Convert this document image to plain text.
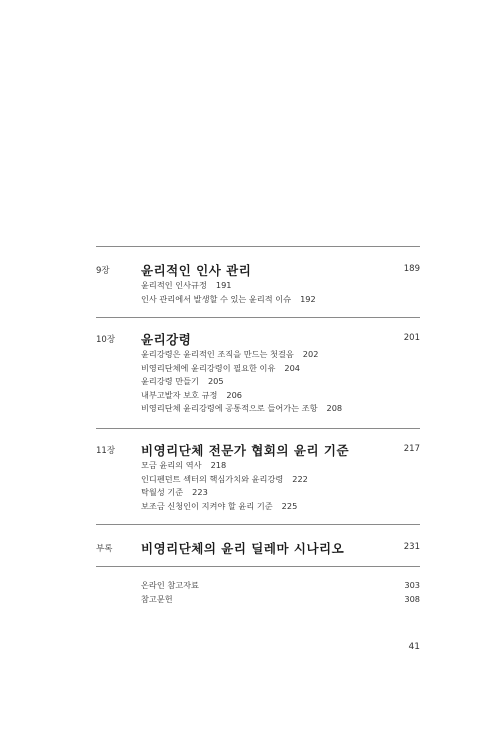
9장	윤리적인 인사 관리	189
윤리적인 인사규정 191
인사 관리에서 발생할 수 있는 윤리적 이슈 192
10장 윤리강령	201
윤리강령은 윤리적인 조직을 만드는 첫걸음 202
비영리단체에 윤리강령이 필요한 이유 204
윤리강령 만들기 205
내부고발자 보호 규정 206
비영리단체 윤리강령에 공통적으로 들어가는 조항 208
11장 비영리단체 전문가 협회의 윤리 기준	217
모금 윤리의 역사 218
인디펜던트 섹터의 핵심가치와 윤리강령 222
탁월성 기준 223
보조금 신청인이 지켜야 할 윤리 기준 225
부록 비영리단체의 윤리 딜레마 시나리오	231
온라인 참고자료	303
참고문헌	308
41
